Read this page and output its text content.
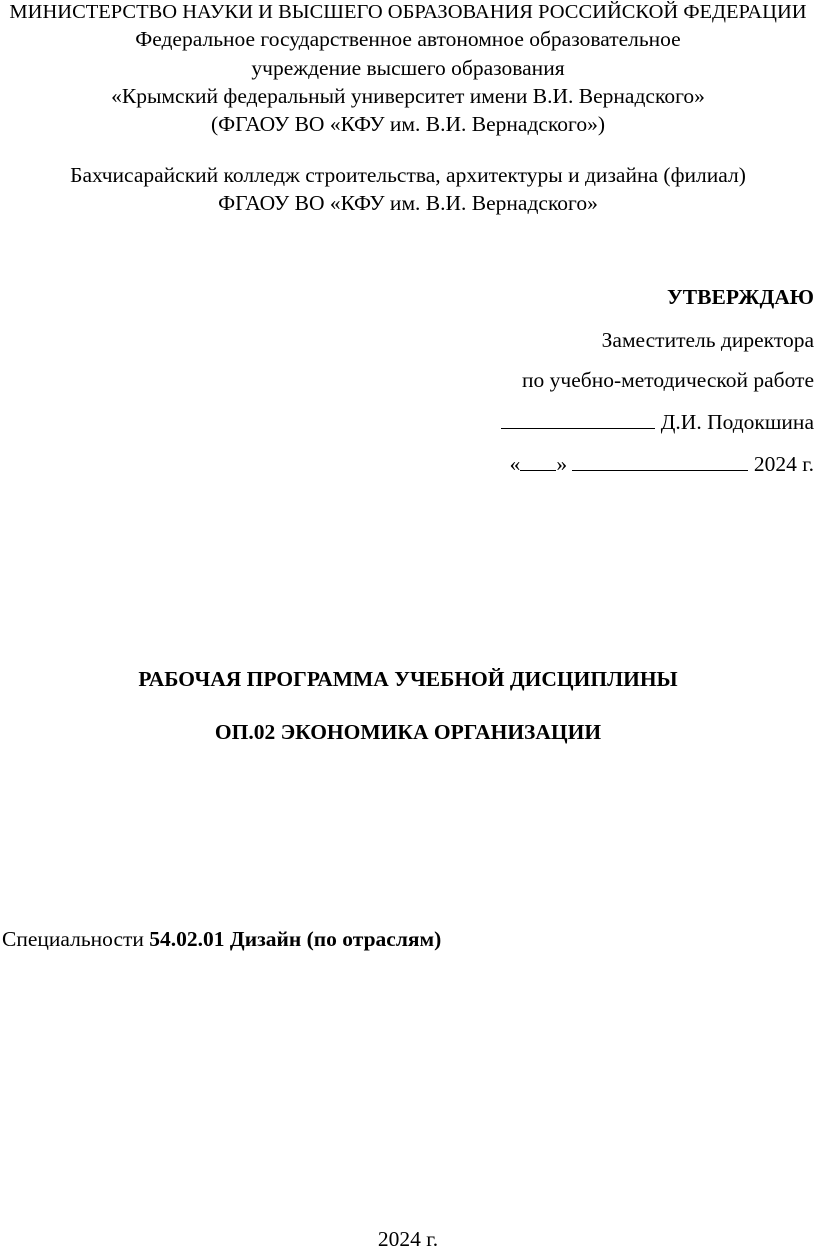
МИНИСТЕРСТВО НАУКИ И ВЫСШЕГО ОБРАЗОВАНИЯ РОССИЙСКОЙ ФЕДЕРАЦИИ
Федеральное государственное автономное образовательное
учреждение высшего образования
«Крымский федеральный университет имени В.И. Вернадского»
(ФГАОУ ВО «КФУ им. В.И. Вернадского»)
Бахчисарайский колледж строительства, архитектуры и дизайна (филиал)
ФГАОУ ВО «КФУ им. В.И. Вернадского»
УТВЕРЖДАЮ
Заместитель директора
по учебно-методической работе
Д.И. Подокшина
« »	2024 г.
РАБОЧАЯ ПРОГРАММА УЧЕБНОЙ ДИСЦИПЛИНЫ
ОП.02 ЭКОНОМИКА ОРГАНИЗАЦИИ
Специальности 54.02.01 Дизайн (по отраслям)
2024 г.
